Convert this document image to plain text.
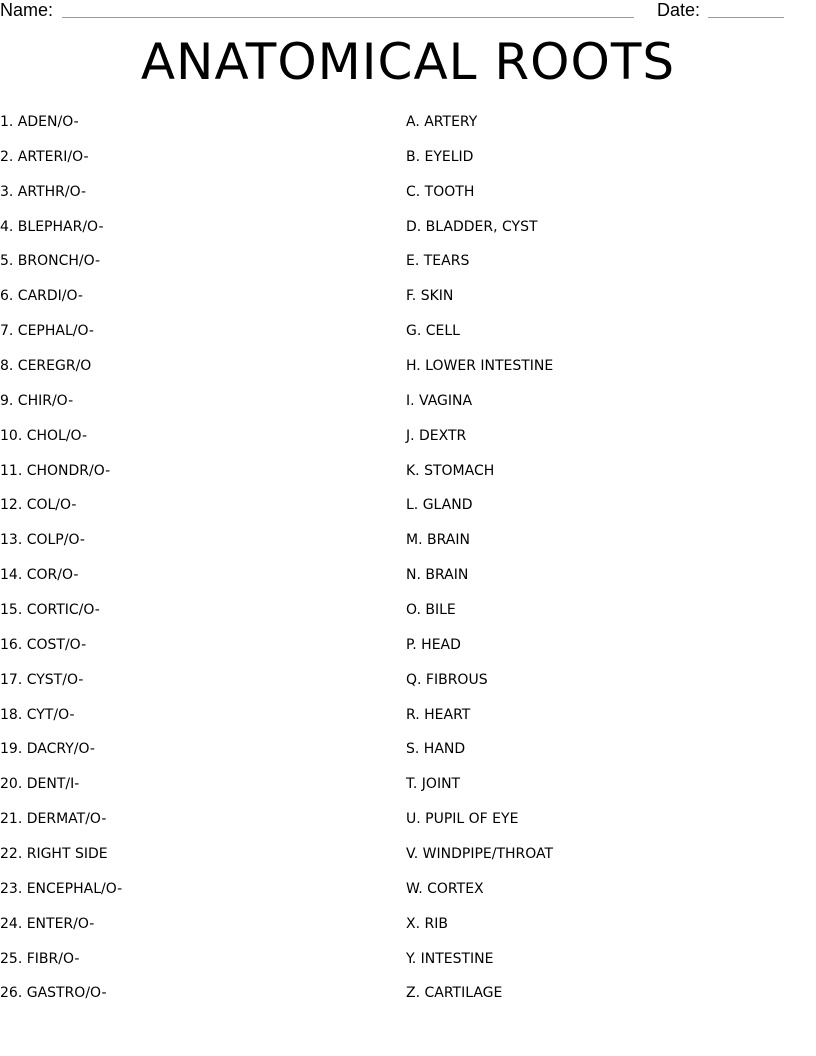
Name:	Date:
ANATOMICAL ROOTS
1. ADEN/O-
2. ARTERI/O-
3. ARTHR/O-
4. BLEPHAR/O-
5. BRONCH/O-
6. CARDI/O-
7. CEPHAL/O-
8. CEREGR/O
9. CHIR/O-
10. CHOL/O-
11. CHONDR/O-
12. COL/O-
13. COLP/O-
14. COR/O-
15. CORTIC/O-
16. COST/O-
17. CYST/O-
18. CYT/O-
19. DACRY/O-
20. DENT/I-
21. DERMAT/O-
22. RIGHT SIDE
23. ENCEPHAL/O-
24. ENTER/O-
25. FIBR/O-
26. GASTRO/O-
A. ARTERY
B. EYELID
C. TOOTH
D. BLADDER, CYST
E. TEARS
F. SKIN
G. CELL
H. LOWER INTESTINE
I. VAGINA
J. DEXTR
K. STOMACH
L. GLAND
M. BRAIN
N. BRAIN
O. BILE
P. HEAD
Q. FIBROUS
R. HEART
S. HAND
T. JOINT
U. PUPIL OF EYE
V. WINDPIPE/THROAT
W. CORTEX
X. RIB
Y. INTESTINE
Z. CARTILAGE
